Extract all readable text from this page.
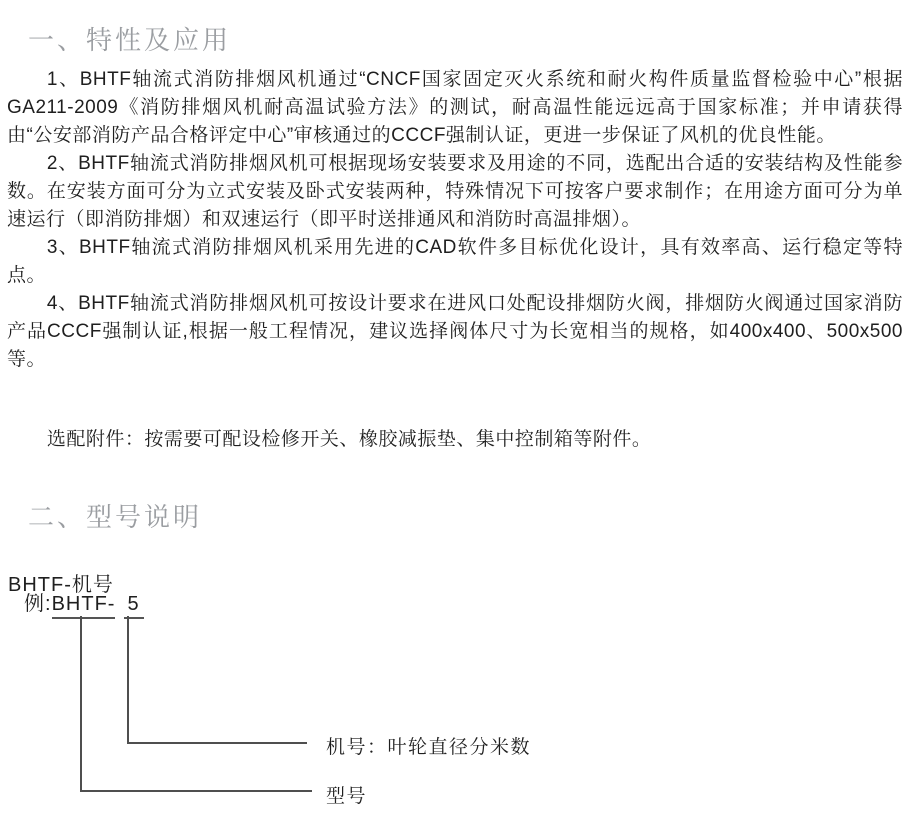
一、特性及应用

1、BHTF轴流式消防排烟风机通过“CNCF国家固定灭火系统和耐火构件质量监督检验中心”根据GA211-2009《消防排烟风机耐高温试验方法》的测试，耐高温性能远远高于国家标准；并申请获得由“公安部消防产品合格评定中心”审核通过的CCCF强制认证，更进一步保证了风机的优良性能。

2、BHTF轴流式消防排烟风机可根据现场安装要求及用途的不同，选配出合适的安装结构及性能参数。在安装方面可分为立式安装及卧式安装两种，特殊情况下可按客户要求制作；在用途方面可分为单速运行（即消防排烟）和双速运行（即平时送排通风和消防时高温排烟）。

3、BHTF轴流式消防排烟风机采用先进的CAD软件多目标优化设计，具有效率高、运行稳定等特点。

4、BHTF轴流式消防排烟风机可按设计要求在进风口处配设排烟防火阀，排烟防火阀通过国家消防产品CCCF强制认证,根据一般工程情况，建议选择阀体尺寸为长宽相当的规格，如400x400、500x500等。

选配附件：按需要可配设检修开关、橡胶减振垫、集中控制箱等附件。

二、型号说明
BHTF-机号
例:BHTF- 5
机号：叶轮直径分米数
型号
